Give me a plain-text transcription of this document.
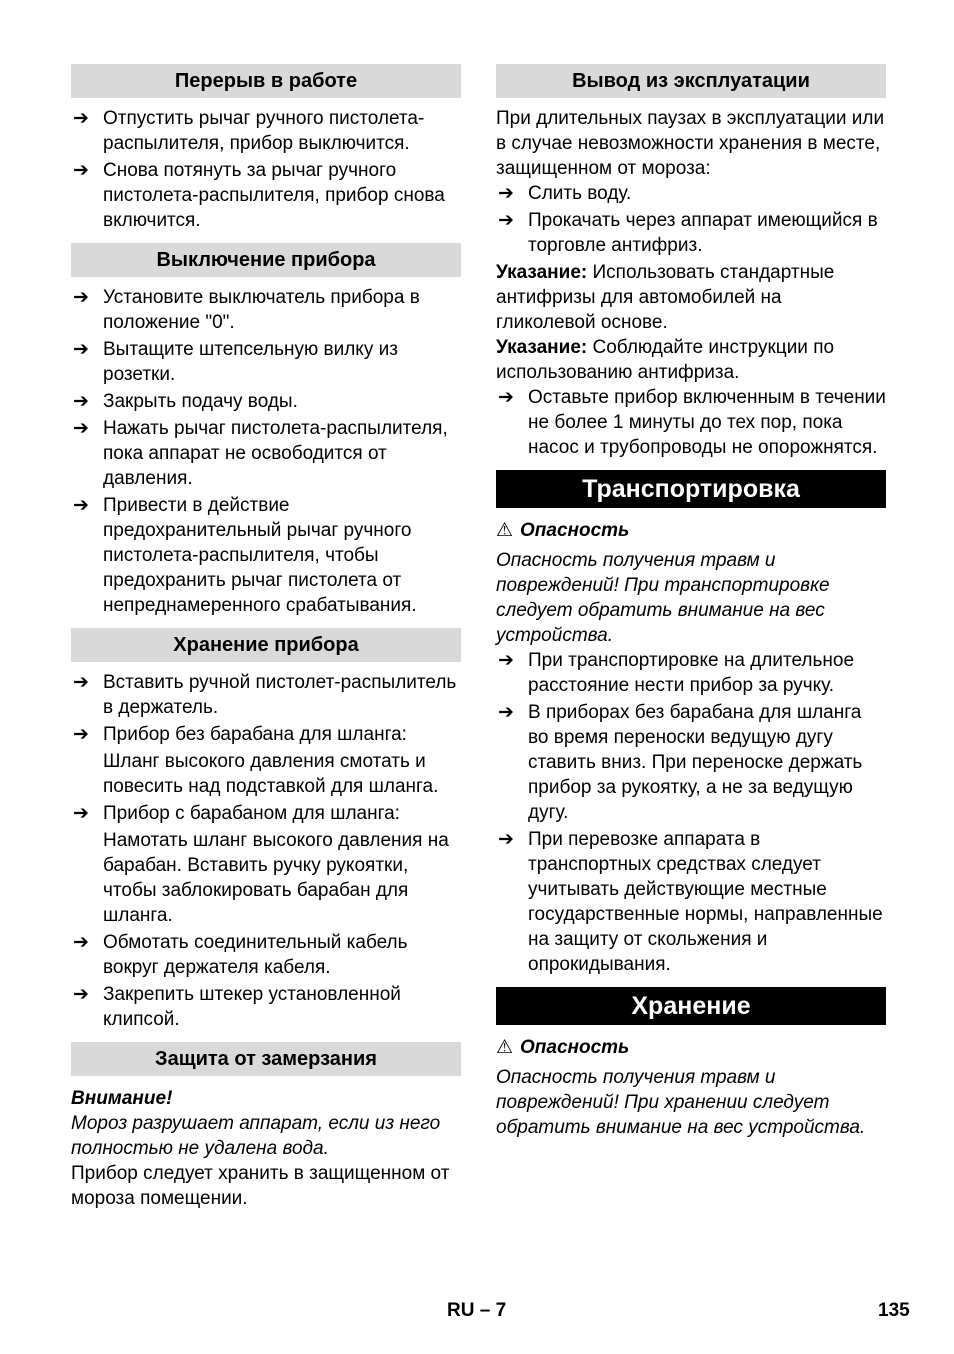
Перерыв в работе
➔ Отпустить рычаг ручного пистолета-распылителя, прибор выключится.
➔ Снова потянуть за рычаг ручного пистолета-распылителя, прибор снова включится.
Выключение прибора
➔ Установите выключатель прибора в положение "0".
➔ Вытащите штепсельную вилку из розетки.
➔ Закрыть подачу воды.
➔ Нажать рычаг пистолета-распылителя, пока аппарат не освободится от давления.
➔ Привести в действие предохранительный рычаг ручного пистолета-распылителя, чтобы предохранить рычаг пистолета от непреднамеренного срабатывания.
Хранение прибора
➔ Вставить ручной пистолет-распылитель в держатель.
➔ Прибор без барабана для шланга:
Шланг высокого давления смотать и повесить над подставкой для шланга.
➔ Прибор с барабаном для шланга:
Намотать шланг высокого давления на барабан. Вставить ручку рукоятки, чтобы заблокировать барабан для шланга.
➔ Обмотать соединительный кабель вокруг держателя кабеля.
➔ Закрепить штекер установленной клипсой.
Защита от замерзания

Внимание!

Мороз разрушает аппарат, если из него полностью не удалена вода.

Прибор следует хранить в защищенном от мороза помещении.

Вывод из эксплуатации

При длительных паузах в эксплуатации или в случае невозможности хранения в месте, защищенном от мороза:

➔ Слить воду.
➔ Прокачать через аппарат имеющийся в торговле антифриз.

Указание: Использовать стандартные антифризы для автомобилей на гликолевой основе.

Указание: Соблюдайте инструкции по использованию антифриза.

➔ Оставьте прибор включенным в течении не более 1 минуты до тех пор, пока насос и трубопроводы не опорожнятся.
Транспортировка

⚠ Опасность

Опасность получения травм и повреждений! При транспортировке следует обратить внимание на вес устройства.

➔ При транспортировке на длительное расстояние нести прибор за ручку.
➔ В приборах без барабана для шланга во время переноски ведущую дугу ставить вниз. При переноске держать прибор за рукоятку, а не за ведущую дугу.
➔ При перевозке аппарата в транспортных средствах следует учитывать действующие местные государственные нормы, направленные на защиту от скольжения и опрокидывания.
Хранение

⚠ Опасность

Опасность получения травм и повреждений! При хранении следует обратить внимание на вес устройства.

RU – 7	135
